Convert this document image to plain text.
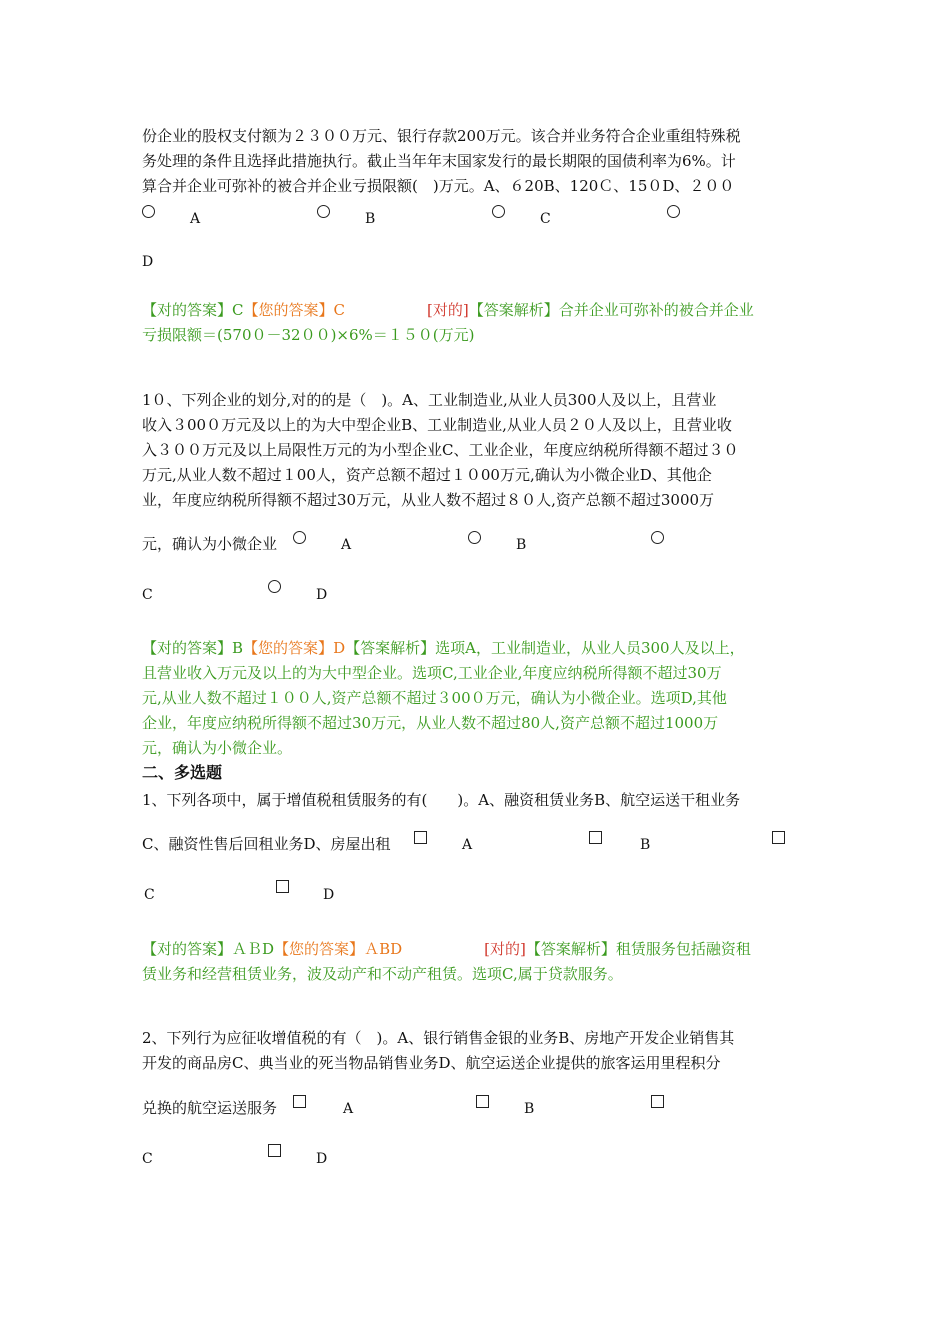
份企业的股权支付额为２３００万元、银行存款200万元。该合并业务符合企业重组特殊税
务处理的条件且选择此措施执行。截止当年年末国家发行的最长期限的国债利率为6%。计
算合并企业可弥补的被合并企业亏损限额(　)万元。A、６20B、120Ｃ、15０D、２００
A	B	C
D
【对的答案】C【您的答案】C	[对的]【答案解析】合并企业可弥补的被合并企业
亏损限额＝(570０－32００)×6%＝１５０(万元)
1０、下列企业的划分,对的的是（　)。A、工业制造业,从业人员300人及以上，且营业
收入３00０万元及以上的为大中型企业B、工业制造业,从业人员２０人及以上，且营业收
入３００万元及以上局限性万元的为小型企业C、工业企业，年度应纳税所得额不超过３０
万元,从业人数不超过１00人，资产总额不超过１０00万元,确认为小微企业D、其他企
业，年度应纳税所得额不超过30万元，从业人数不超过８０人,资产总额不超过3000万
元，确认为小微企业	A	B
C	D
【对的答案】B【您的答案】D【答案解析】选项A，工业制造业，从业人员300人及以上，
且营业收入万元及以上的为大中型企业。选项C,工业企业,年度应纳税所得额不超过30万
元,从业人数不超过１００人,资产总额不超过３00０万元，确认为小微企业。选项D,其他
企业，年度应纳税所得额不超过30万元，从业人数不超过80人,资产总额不超过1000万
元，确认为小微企业。
二、多选题
1、下列各项中，属于增值税租赁服务的有(　　)。A、融资租赁业务B、航空运送干租业务
C、融资性售后回租业务D、房屋出租	A	B
C	D
【对的答案】ＡＢD【您的答案】ＡBD	[对的]【答案解析】租赁服务包括融资租
赁业务和经营租赁业务，波及动产和不动产租赁。选项C,属于贷款服务。
2、下列行为应征收增值税的有（　)。A、银行销售金银的业务B、房地产开发企业销售其
开发的商品房C、典当业的死当物品销售业务D、航空运送企业提供的旅客运用里程积分
兑换的航空运送服务	A	B
C	D
